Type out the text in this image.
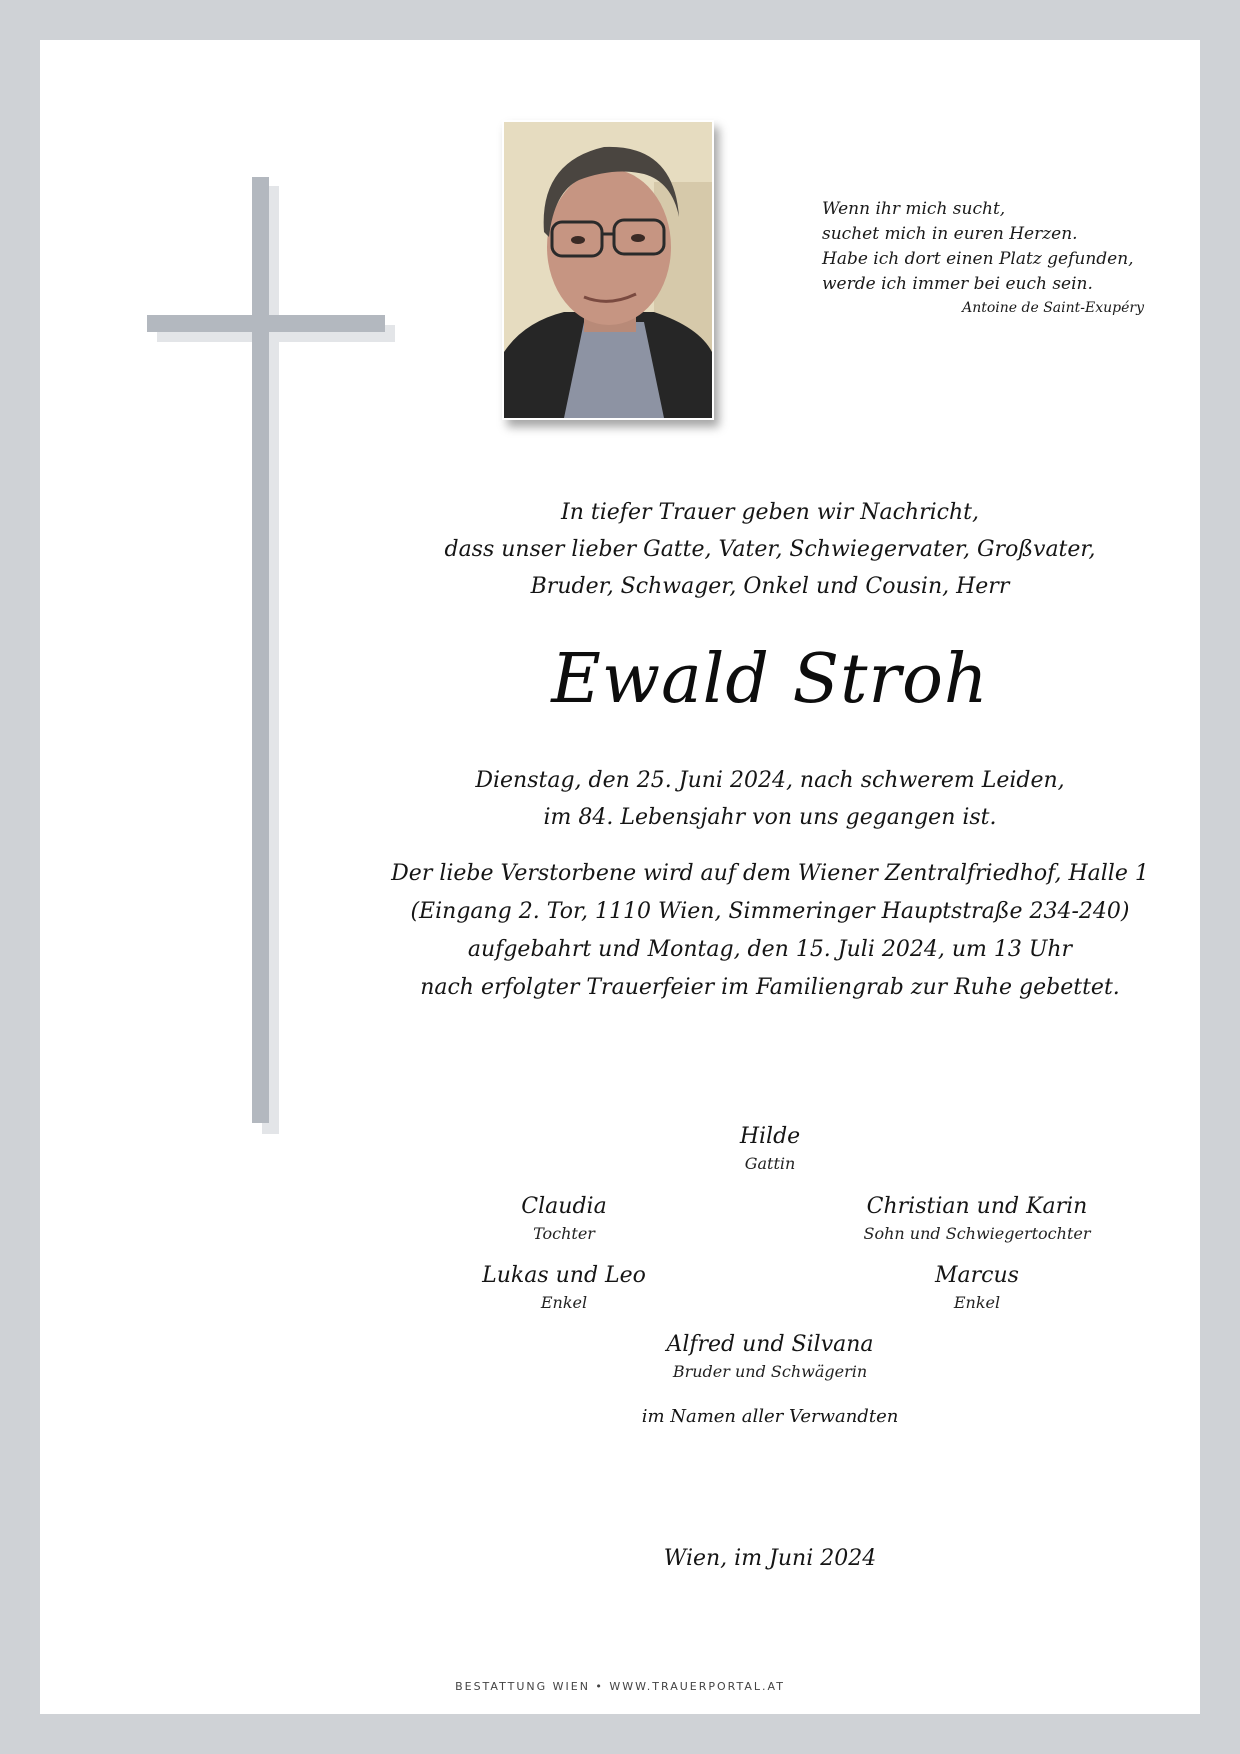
Wenn ihr mich sucht,
suchet mich in euren Herzen.
Habe ich dort einen Platz gefunden,
werde ich immer bei euch sein.
Antoine de Saint-Exupéry
In tiefer Trauer geben wir Nachricht,
dass unser lieber Gatte, Vater, Schwiegervater, Großvater,
Bruder, Schwager, Onkel und Cousin, Herr
Ewald Stroh
Dienstag, den 25. Juni 2024, nach schwerem Leiden,
im 84. Lebensjahr von uns gegangen ist.
Der liebe Verstorbene wird auf dem Wiener Zentralfriedhof, Halle 1
(Eingang 2. Tor, 1110 Wien, Simmeringer Hauptstraße 234-240)
aufgebahrt und Montag, den 15. Juli 2024, um 13 Uhr
nach erfolgter Trauerfeier im Familiengrab zur Ruhe gebettet.
Hilde
Gattin
Claudia
Tochter
Christian und Karin
Sohn und Schwiegertochter
Lukas und Leo
Enkel
Marcus
Enkel
Alfred und Silvana
Bruder und Schwägerin
im Namen aller Verwandten
Wien, im Juni 2024
BESTATTUNG WIEN • WWW.TRAUERPORTAL.AT
